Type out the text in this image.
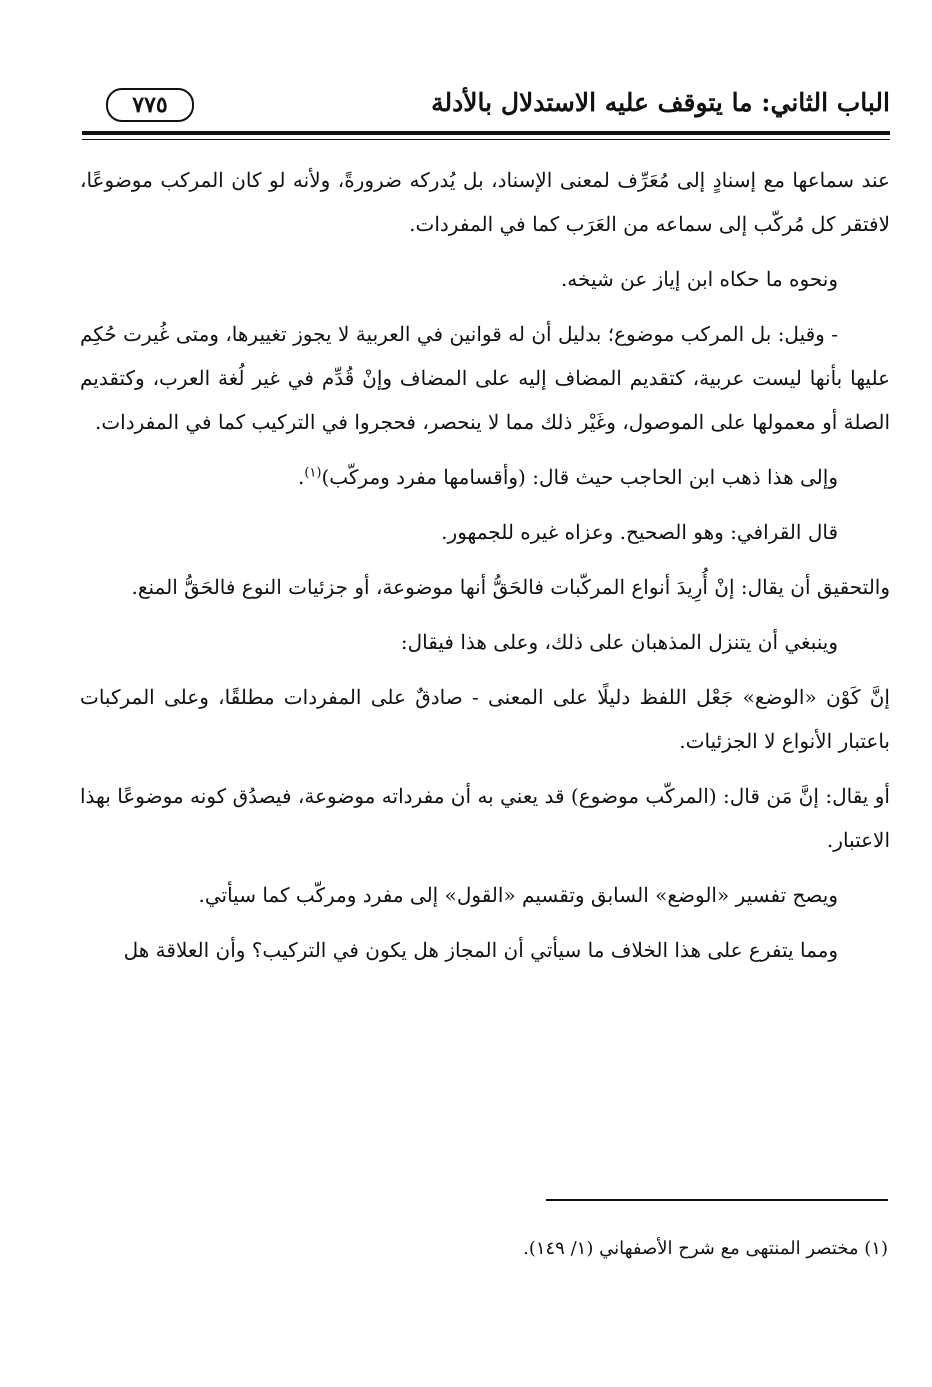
الباب الثاني: ما يتوقف عليه الاستدلال بالأدلة
٧٧٥

عند سماعها مع إسنادٍ إلى مُعَرِّف لمعنى الإسناد، بل يُدركه ضرورةً، ولأنه لو كان المركب موضوعًا، لافتقر كل مُركّب إلى سماعه من العَرَب كما في المفردات.

ونحوه ما حكاه ابن إياز عن شيخه.

- وقيل: بل المركب موضوع؛ بدليل أن له قوانين في العربية لا يجوز تغييرها، ومتى غُيرت حُكِم عليها بأنها ليست عربية، كتقديم المضاف إليه على المضاف وإنْ قُدِّم في غير لُغة العرب، وكتقديم الصلة أو معمولها على الموصول، وغَيْر ذلك مما لا ينحصر، فحجروا في التركيب كما في المفردات.

وإلى هذا ذهب ابن الحاجب حيث قال: (وأقسامها مفرد ومركّب)$^{(١)}$.

قال القرافي: وهو الصحيح. وعزاه غيره للجمهور.

والتحقيق أن يقال: إنْ أُرِيدَ أنواع المركّبات فالحَقُّ أنها موضوعة، أو جزئيات النوع فالحَقُّ المنع.

وينبغي أن يتنزل المذهبان على ذلك، وعلى هذا فيقال:

إنَّ كَوْن «الوضع» جَعْل اللفظ دليلًا على المعنى - صادقٌ على المفردات مطلقًا، وعلى المركبات باعتبار الأنواع لا الجزئيات.

أو يقال: إنَّ مَن قال: (المركّب موضوع) قد يعني به أن مفرداته موضوعة، فيصدُق كونه موضوعًا بهذا الاعتبار.

ويصح تفسير «الوضع» السابق وتقسيم «القول» إلى مفرد ومركّب كما سيأتي.

ومما يتفرع على هذا الخلاف ما سيأتي أن المجاز هل يكون في التركيب؟ وأن العلاقة هل

(١) مختصر المنتهى مع شرح الأصفهاني (١/ ١٤٩).
